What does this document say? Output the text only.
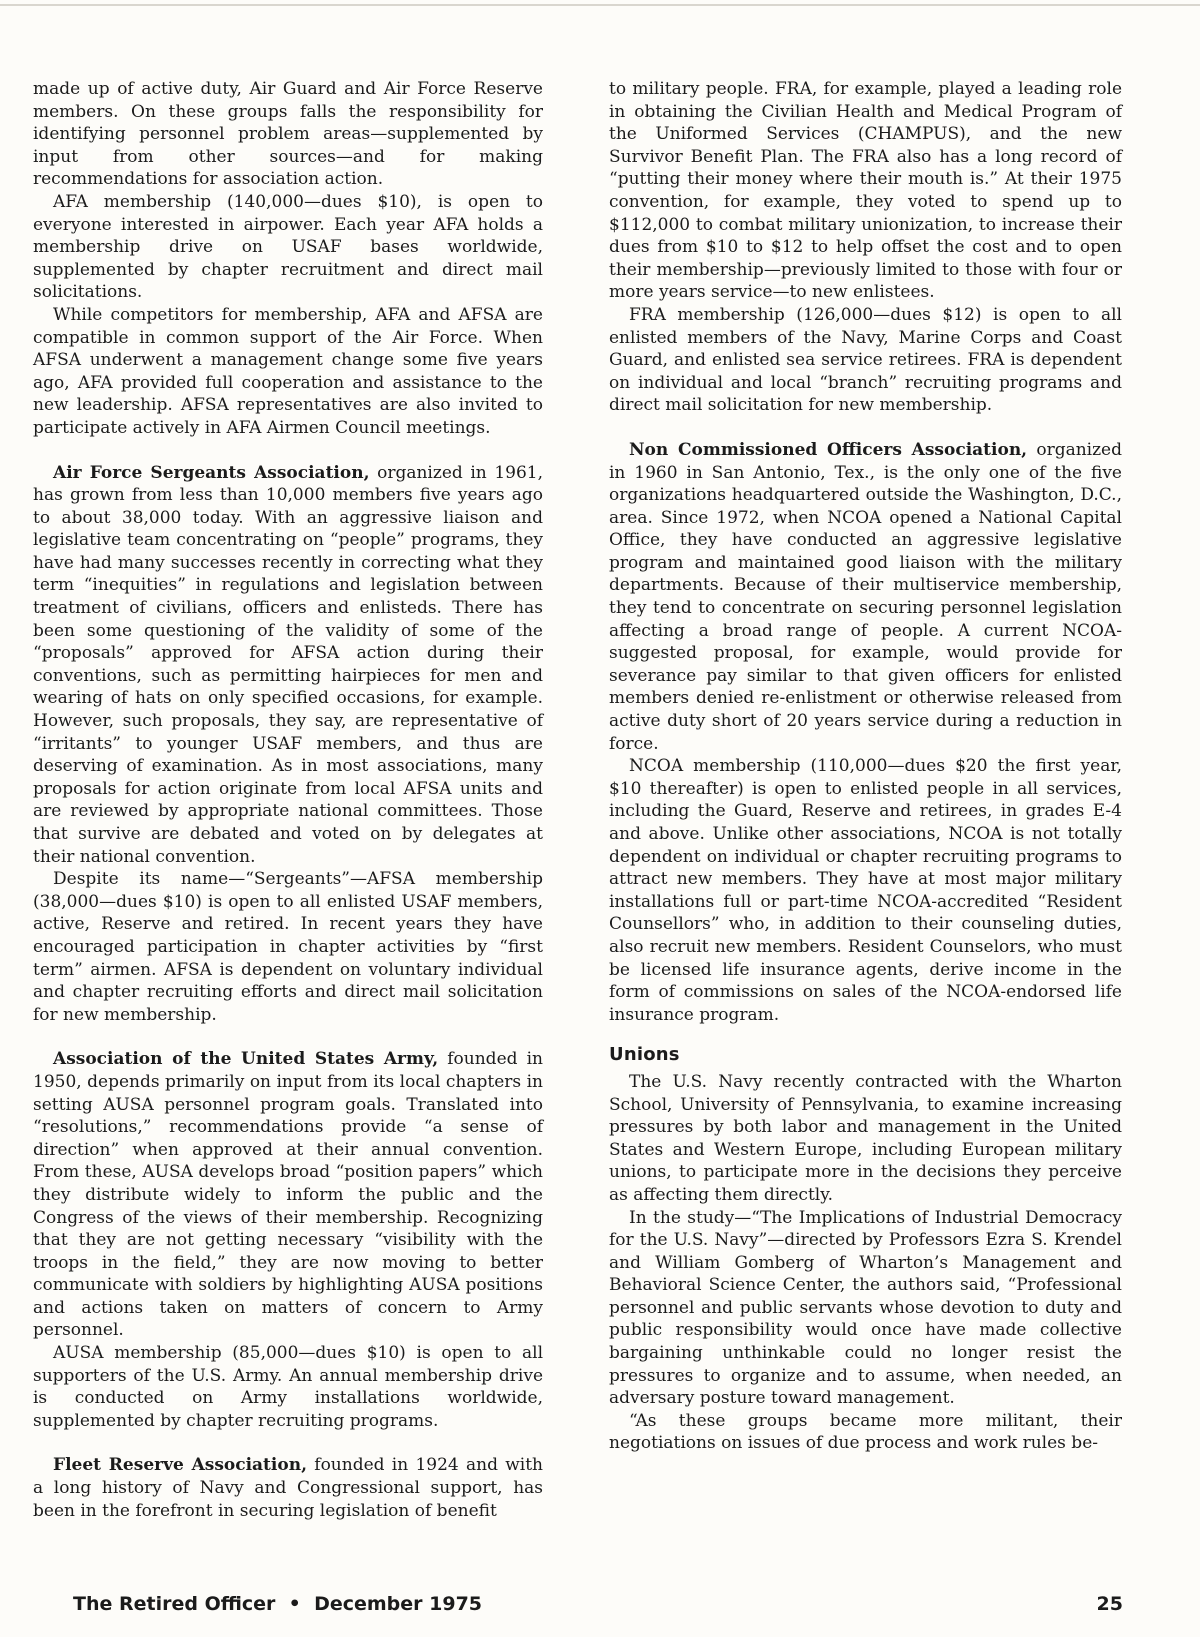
made up of active duty, Air Guard and Air Force Reserve members. On these groups falls the responsibility for identifying personnel problem areas—supplemented by input from other sources—and for making recommendations for association action.

AFA membership (140,000—dues $10), is open to everyone interested in airpower. Each year AFA holds a membership drive on USAF bases worldwide, supplemented by chapter recruitment and direct mail solicitations.

While competitors for membership, AFA and AFSA are compatible in common support of the Air Force. When AFSA underwent a management change some five years ago, AFA provided full cooperation and assistance to the new leadership. AFSA representatives are also invited to participate actively in AFA Airmen Council meetings.

Air Force Sergeants Association, organized in 1961, has grown from less than 10,000 members five years ago to about 38,000 today. With an aggressive liaison and legislative team concentrating on “people” programs, they have had many successes recently in correcting what they term “inequities” in regulations and legislation between treatment of civilians, officers and enlisteds. There has been some questioning of the validity of some of the “proposals” approved for AFSA action during their conventions, such as permitting hairpieces for men and wearing of hats on only specified occasions, for example. However, such proposals, they say, are representative of “irritants” to younger USAF members, and thus are deserving of examination. As in most associations, many proposals for action originate from local AFSA units and are reviewed by appropriate national committees. Those that survive are debated and voted on by delegates at their national convention.

Despite its name—“Sergeants”—AFSA membership (38,000—dues $10) is open to all enlisted USAF members, active, Reserve and retired. In recent years they have encouraged participation in chapter activities by “first term” airmen. AFSA is dependent on voluntary individual and chapter recruiting efforts and direct mail solicitation for new membership.

Association of the United States Army, founded in 1950, depends primarily on input from its local chapters in setting AUSA personnel program goals. Translated into “resolutions,” recommendations provide “a sense of direction” when approved at their annual convention. From these, AUSA develops broad “position papers” which they distribute widely to inform the public and the Congress of the views of their membership. Recognizing that they are not getting necessary “visibility with the troops in the field,” they are now moving to better communicate with soldiers by highlighting AUSA positions and actions taken on matters of concern to Army personnel.

AUSA membership (85,000—dues $10) is open to all supporters of the U.S. Army. An annual membership drive is conducted on Army installations worldwide, supplemented by chapter recruiting programs.

Fleet Reserve Association, founded in 1924 and with a long history of Navy and Congressional support, has been in the forefront in securing legislation of benefit

to military people. FRA, for example, played a leading role in obtaining the Civilian Health and Medical Program of the Uniformed Services (CHAMPUS), and the new Survivor Benefit Plan. The FRA also has a long record of “putting their money where their mouth is.” At their 1975 convention, for example, they voted to spend up to $112,000 to combat military unionization, to increase their dues from $10 to $12 to help offset the cost and to open their membership—previously limited to those with four or more years service—to new enlistees.

FRA membership (126,000—dues $12) is open to all enlisted members of the Navy, Marine Corps and Coast Guard, and enlisted sea service retirees. FRA is dependent on individual and local “branch” recruiting programs and direct mail solicitation for new membership.

Non Commissioned Officers Association, organized in 1960 in San Antonio, Tex., is the only one of the five organizations headquartered outside the Washington, D.C., area. Since 1972, when NCOA opened a National Capital Office, they have conducted an aggressive legislative program and maintained good liaison with the military departments. Because of their multiservice membership, they tend to concentrate on securing personnel legislation affecting a broad range of people. A current NCOA-suggested proposal, for example, would provide for severance pay similar to that given officers for enlisted members denied re-enlistment or otherwise released from active duty short of 20 years service during a reduction in force.

NCOA membership (110,000—dues $20 the first year, $10 thereafter) is open to enlisted people in all services, including the Guard, Reserve and retirees, in grades E-4 and above. Unlike other associations, NCOA is not totally dependent on individual or chapter recruiting programs to attract new members. They have at most major military installations full or part-time NCOA-accredited “Resident Counsellors” who, in addition to their counseling duties, also recruit new members. Resident Counselors, who must be licensed life insurance agents, derive income in the form of commissions on sales of the NCOA-endorsed life insurance program.

Unions

The U.S. Navy recently contracted with the Wharton School, University of Pennsylvania, to examine increasing pressures by both labor and management in the United States and Western Europe, including European military unions, to participate more in the decisions they perceive as affecting them directly.

In the study—“The Implications of Industrial Democracy for the U.S. Navy”—directed by Professors Ezra S. Krendel and William Gomberg of Wharton’s Management and Behavioral Science Center, the authors said, “Professional personnel and public servants whose devotion to duty and public responsibility would once have made collective bargaining unthinkable could no longer resist the pressures to organize and to assume, when needed, an adversary posture toward management.

“As these groups became more militant, their negotiations on issues of due process and work rules be-

The Retired Officer • December 1975	25
